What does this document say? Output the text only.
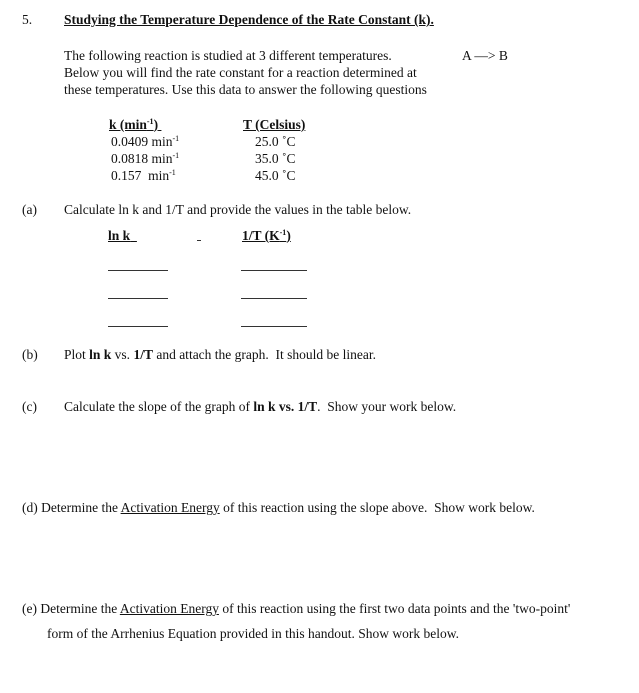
5. Studying the Temperature Dependence of the Rate Constant (k).
The following reaction is studied at 3 different temperatures.	A —> B
Below you will find the rate constant for a reaction determined at
these temperatures. Use this data to answer the following questions
k $(\min^{-1})$	T (Celsius)
0.0409 $\min^{-1}$	25.0 ˚C
0.0818 $\min^{-1}$	35.0 ˚C
0.157  $\min^{-1}$	45.0 ˚C
(a) Calculate ln k and 1/T and provide the values in the table below.
ln k	1/T $(K^{-1})$
(b) Plot ln k vs. 1/T and attach the graph.  It should be linear.
(c) Calculate the slope of the graph of ln k vs. 1/T.  Show your work below.
(d) Determine the Activation Energy of this reaction using the slope above.  Show work below.
(e) Determine the Activation Energy of this reaction using the first two data points and the 'two-point'
form of the Arrhenius Equation provided in this handout. Show work below.
